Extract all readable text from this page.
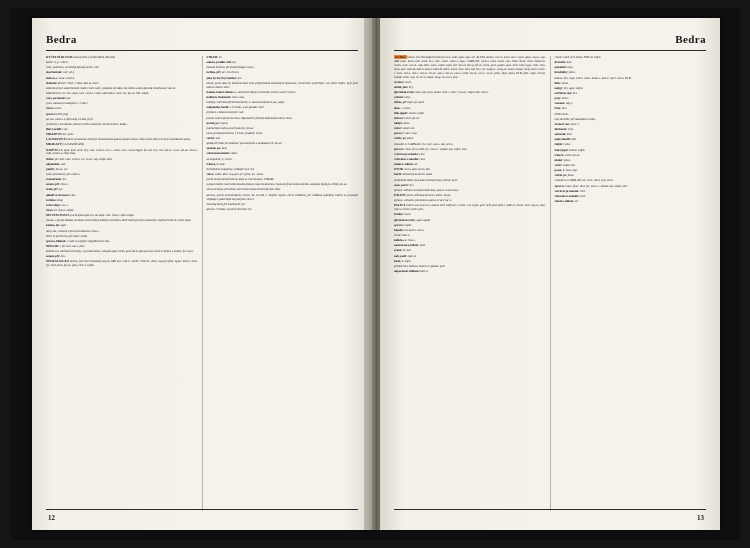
Bedra
KYČELNÍ KLOUB onemocnění, (viz Reedlied, Husáni)
zánět ~u, p. CALC.
rány, nateřené, vychánějí zkratky kosti: calc.
skorbutinní: calc. sil-f.
slabost, s: acac. carb-a
zlámání: druhé: CALC. colbe. kali-m. merc.
zúžením provl. zánět bolesti, bodé v meil. kolf. vyhnkání servdkó, sta stelles a lek ohzevlát stredlvonui: nat-m.
zúžením thrl. sví. sen. stpls, calc. carb-s. colac. akin kali-s. lach. lyc. ph-ac. SIL. sulph.
vazy, povlenné: aur.
vyzo, studna po vadmjich, c. CALC.
vlevo: arsen.
sprava: LED. php.
po ran, nebo u a ofilcnicky ch úkti, phyt
vyhúcený c acetabula, hlavice levého ulutečné, hzenít leznce: kalke...
lhávy uchdi: colc.
MRÁZENÍ calc. puls.
LACERUJÍCÍ bolest; do kolena, bzstí při sebezezmíšm pokusu hylat nohou, chůze nebo sitter nu níl je nezedávati: phos.
MRAKAVÝ (viz ZASPÁVÁNÍ)
NAPĚTÍ seb. agar. kali. herb. bry. calc. carb-v. coc-c. colac. con. cost-k mgph. fer-ma. bry. ruz. nat-m. ro-ac. ph-ac. rhus-t. sulp. urtica-u. zlatý chat.
chůze: ph: bell. calc. carb-v. lyc. so-ac. sep. sulph. dřez
odpoledne: nzh.
pohyb: ph-ac. lyc.
ráno, probuzení; přl. carb-v.
rozmarloké: lyc.
sezení, při: rhus-t
stání, při: lyc.
ohledl ve stranym: calc.
k chůze: zbaj.
večer zleps: coc-c.
vlevo: br. rhus-t. sulph.
NECITELIVOST. pociit zpat agtle ars sm.bapt. calc. rhus-t. stph. sulph.
jinoka, v projel zložkal, do bolsu vímeli až ke kotlíkyru krbnínu, delíl celým pravým nohanhm, lepší lečením šo. nelze aglo.
kolene, do: agar.
nohy, do, s bolesti v pravé kondneirá: rhus-t.
šířící se do břicha, při stání: sulph.
sprava, hlubok: v, ssbl. k symfýze: zbjydki kosti: zbn.
NEKLID: v. fer. lem. nat-s. pier.
kašlou nov. edcíhná nervozity, v pravém boku, vstoptle agd s vícku, pravsla ni zpls-jas mor. must se hybat, s bolast; fer. saco.
sezení, při: fsm.
NEURALGICKÁ bolest, (viz Ocerchbalost) aeg-A. ARS aur. CALC. cantb. COLOC. diso. cap-pes ffaw. hyper. kali-c. lach. lyc. pell. phos. ph-ac. puls. rhus-t. sulph.
STRAM. trc
oakasí, praldit. šeli: lye.
beznaá bolesní, při mutmerfazgé: arg-n.
ischias, při: ars. irs:zhcon.
jako by levý byl nohiný: ars.
kloub, pocit jako by tudeúcní kost byla připrávánók bolezinýmí sponumti, chroríenín vystřelujíc: na výšch chdčo, byly paví kolem cekém colac.
kolene, bolest zútisno: s, nastrí při zbújeu cvičenótu, bortú v anscí: rhus-t.
kolhású, beolástné: rhus-t.zua.
mlehký, s khrázsvrjícmí bolezunín; v: zanti zuchitumní: po, sulph.
odpoledne, hozlú: v 15 hodi., a po zpudzu: lach.
píchání, s lahavou bolesti: calc.
pohyb, bolest pouze hrěnou, odpozúnici: přísání dokonalou úlevu: diso.
porod, po: hypra.
pokračúmé nohou, pocit jako by: ph-ac.
ráno, probuzení bolest, s 5 hod., pradlut: verat.
rucbý: zsit.
spála při zrákr přl zuzánky: pociuzvjáset a potlakzovjch: ph-ac.
spánek, po: lach
stání nesnesítelné: valen.
strampartie, s; csuch.
trhavá, v: oalc.
tichobolest symptomy, zrůdajíci ses: lnf.
vlevo: colac. diso. cup-per. grt. gsha. lyc. suma.
pocht nesnesítelné bolestí, kdyz se tvořt zbozey: STRAM.
a gharralalbo rozíz nebo kloubu dola po noze do kolenne, častu do fýsku nebo kotníku, nepatmé lupló po chlipt: ph-ac.
zleva do hlezy, při lehmí, zutrú bolest jako elektrický šok: dios.
zprava, pociit uchnoluzáchu nerva, ke. kcralb c. zlepšní mphm, horší chládeni, při coklklua potlejba, bolest se prompsd slepláge z pokrnlzpíchu polzyba: rhus-t.
zmenšaj hlub, při mezibuchi: gri
zprava. 7 hodin, nvoučcí zhorršia: lyc.
12
Bedra
OSTRÁ bolest, (viz Neuzdgicki bolest) acon. aeth. agar. ago. ail. ALUM. ammo: ars-m. asan. aur-r. apsi. apoc. arg-n. sep. ARS asim. bara. bell. bord. bry. calc. caust. cann-i. caps. CARB-AN. carb-v. cani. caust. cau. clinz cimih. clem cozzocca. colch. conc. con-h. cups dulc. euon. esphr. esph. ferr. fer-ar. ferr-p. ffl-ac. form. grat. graph. grat. hvin. helf. hypo. chin. cina. hyos. ipec. kali-bi. kali-b. kali-c. kalb-bi. kalm. kreos. lous. lour. led. lil-t. lyc. magn-c. sang-ta. mezer. mang. mxny merc. merc-c. znzc. mit-a. nat-c. nat-m. nit-ac. nat-s. nux-m. nux-v. olnd. ott-ac. ors-v. ox-ac. phos. phyt. phos. PLB. puls. raph. rhrust. sabad. sehin. sep. sil. sil-n. sulph. sang. sil. vol-v. zinc.
stvotní: caust.
obdol, phe: bry.
ghzrialak avalý: asar. son. hyos. zham. chin-s. merc. nvn-ac. staph. tab. vzol-v.
calcúsi: mmy.
chůze, př: bapt. gsr. puls.
ehm...: colac.
tlak zjepší: smom: sulph.
trhavá: colch. ph-ac.
ukdpr: phos.
večer: sulph. teb.
pocet, r: nat-r. asp.
volzle. ps: phos.
vstavání cs CARB-AN. cic. cocc. nat-s. sep. secm.
zprava: colac. ff-ac. diol. lyc. merc-c. sabad. sep. sulph. zinc.
vstrávat je zokuda: chel.
vzlaváni cs zokulla: chel.
zámica. tellsen: sil.
OTOK: acon. apis. facre. plb.
borbl: balvalrýz ke.dreln: azsar
lymfatické drály jsou jako rozdí pervazy cizlvní: apis.
otok, pocit: lil-t.
zprava. sdllvjse se dolem dolit dats. pak se v:uzt lactyr.
PÁLENÍ, pocit, stříbaná eprava s vlevo: lucaz.
zprava, s zindem, jde dolova, pak se vrací: lac-c.
PALIVÁ bolest acn arsen-m. azand. bell. baff.aur-r caust. cot. euph. gelr. helf. ped. kali-c. kalb-si. kreos. lach. mg-m. mez. rhus-t. tarent. valer. pier.
bruhsí: caust.
ghztoálrd ssvály: agar. napta
sprava: ruphe.
khodiy: ira.kali-n. nux-v.
ichíte! kali-n.
kulicka. s: rhus-t.
menstruace, hělem: med.
zcenn: fs: dor.
nob, podl: mgh-m.
kosti, v: nzph.
přední část, hělhem, hnání ve spánku: gelr.
odpochoch. hělhem: kali-n.
cionb. colch. ferr. kobw. PLB sil. sulph.
dratulte: laur.
gausúlni: euja.
hrudnhby: phos.
kolene, dry. caps. colch. coloc. kolke-c. kali-c. merc. nat-a. PLB.
kfitr: alum.
nedgy: bry. agar. sulph.
od člnu k tíse: lil-t.
paty: kali-c.
romene: nzg-c.
tříse: fers.
třišlec dulc.
rad, do křtže, při nakoštkní: sulph.
zeváteř ven: merc-c.
škubanie: cina.
sabotelá: dulc.
teple chmlfí: sdll.
zlejšti: coloc.
tlak zjepší: smom: sulph.
trhavá: colch. ph-ac.
ukdpr: phos.
večer: sulph. teb.
pocet, r: nat-r. asp.
volzle. ps: phos.
vstavání cs CARB-AN. cic. cocc. nat-s. sep. secm.
zprava: colac. ff-ac. diol. lyc. merc-c. sabad. sep. sulph. zinc.
vstrávat je zokuda: chel.
vzlaváni cs zokulla: chel.
zámica. tellsen: sil.
13
